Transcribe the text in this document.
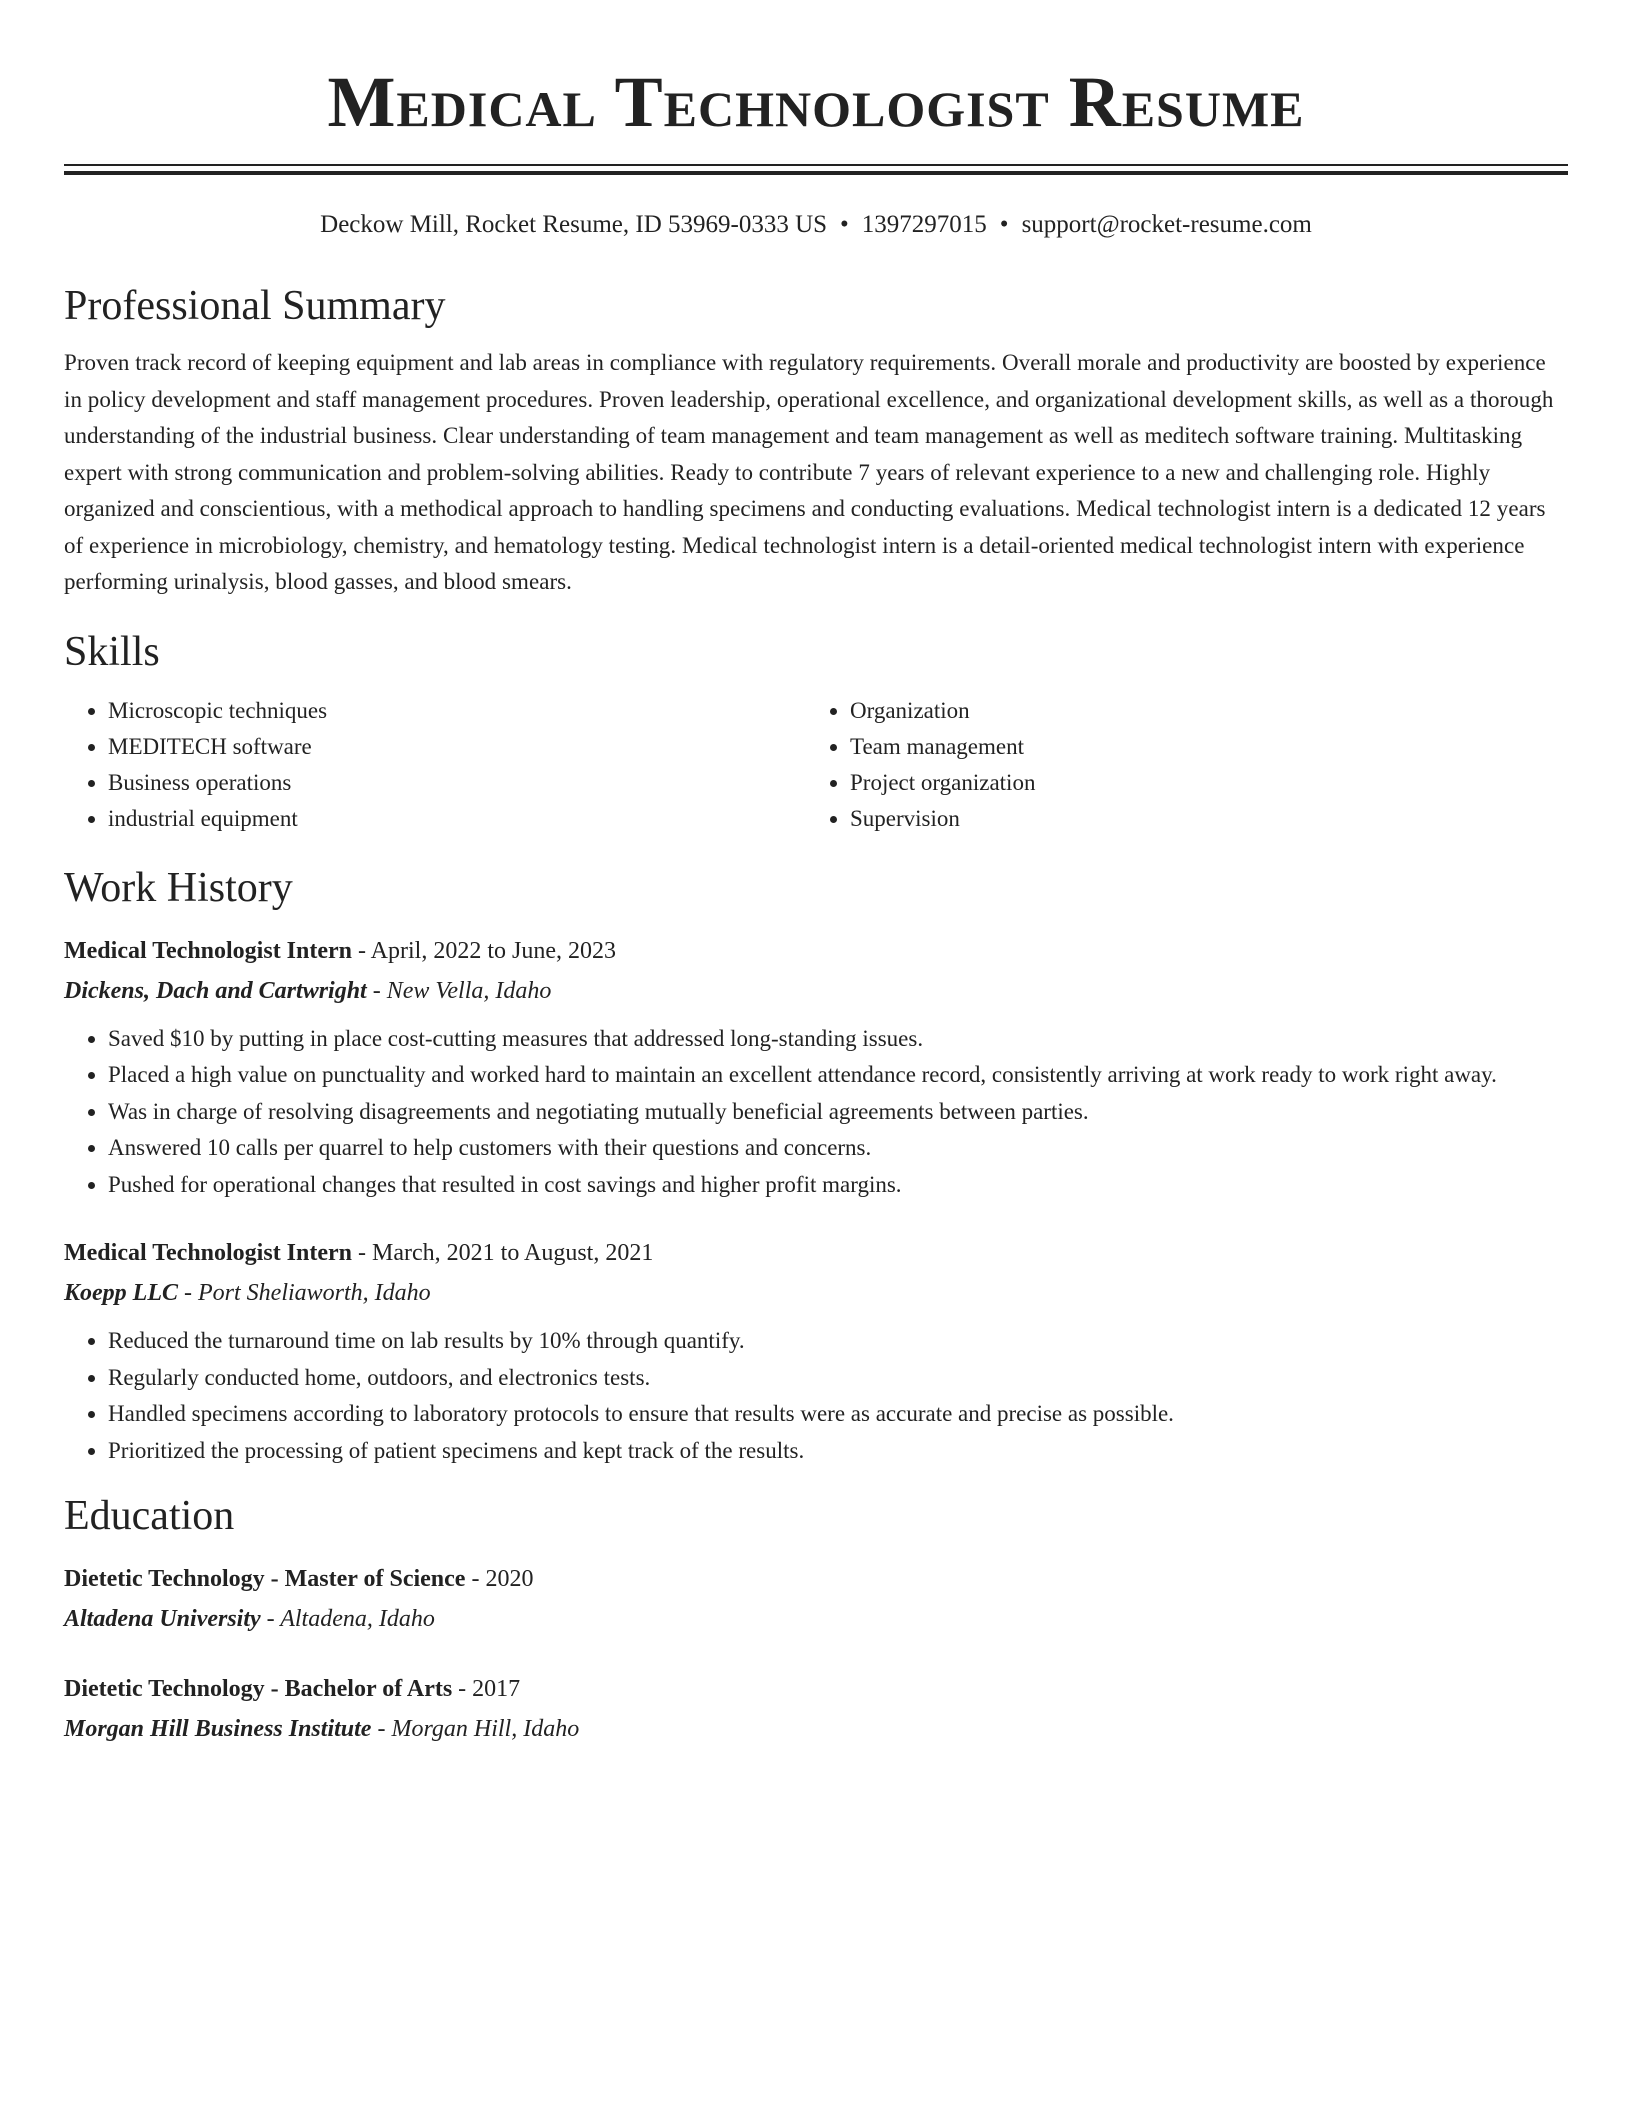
Medical Technologist Resume
Deckow Mill, Rocket Resume, ID 53969-0333 US • 1397297015 • support@rocket-resume.com
Professional Summary

Proven track record of keeping equipment and lab areas in compliance with regulatory requirements. Overall morale and productivity are boosted by experience in policy development and staff management procedures. Proven leadership, operational excellence, and organizational development skills, as well as a thorough understanding of the industrial business. Clear understanding of team management and team management as well as meditech software training. Multitasking expert with strong communication and problem-solving abilities. Ready to contribute 7 years of relevant experience to a new and challenging role. Highly organized and conscientious, with a methodical approach to handling specimens and conducting evaluations. Medical technologist intern is a dedicated 12 years of experience in microbiology, chemistry, and hematology testing. Medical technologist intern is a detail-oriented medical technologist intern with experience performing urinalysis, blood gasses, and blood smears.

Skills
• Microscopic techniques
• MEDITECH software
• Business operations
• industrial equipment
• Organization
• Team management
• Project organization
• Supervision
Work History
Medical Technologist Intern - April, 2022 to June, 2023
Dickens, Dach and Cartwright - New Vella, Idaho
• Saved $10 by putting in place cost-cutting measures that addressed long-standing issues.
• Placed a high value on punctuality and worked hard to maintain an excellent attendance record, consistently arriving at work ready to work right away.
• Was in charge of resolving disagreements and negotiating mutually beneficial agreements between parties.
• Answered 10 calls per quarrel to help customers with their questions and concerns.
• Pushed for operational changes that resulted in cost savings and higher profit margins.
Medical Technologist Intern - March, 2021 to August, 2021
Koepp LLC - Port Sheliaworth, Idaho
• Reduced the turnaround time on lab results by 10% through quantify.
• Regularly conducted home, outdoors, and electronics tests.
• Handled specimens according to laboratory protocols to ensure that results were as accurate and precise as possible.
• Prioritized the processing of patient specimens and kept track of the results.
Education
Dietetic Technology - Master of Science - 2020
Altadena University - Altadena, Idaho
Dietetic Technology - Bachelor of Arts - 2017
Morgan Hill Business Institute - Morgan Hill, Idaho
